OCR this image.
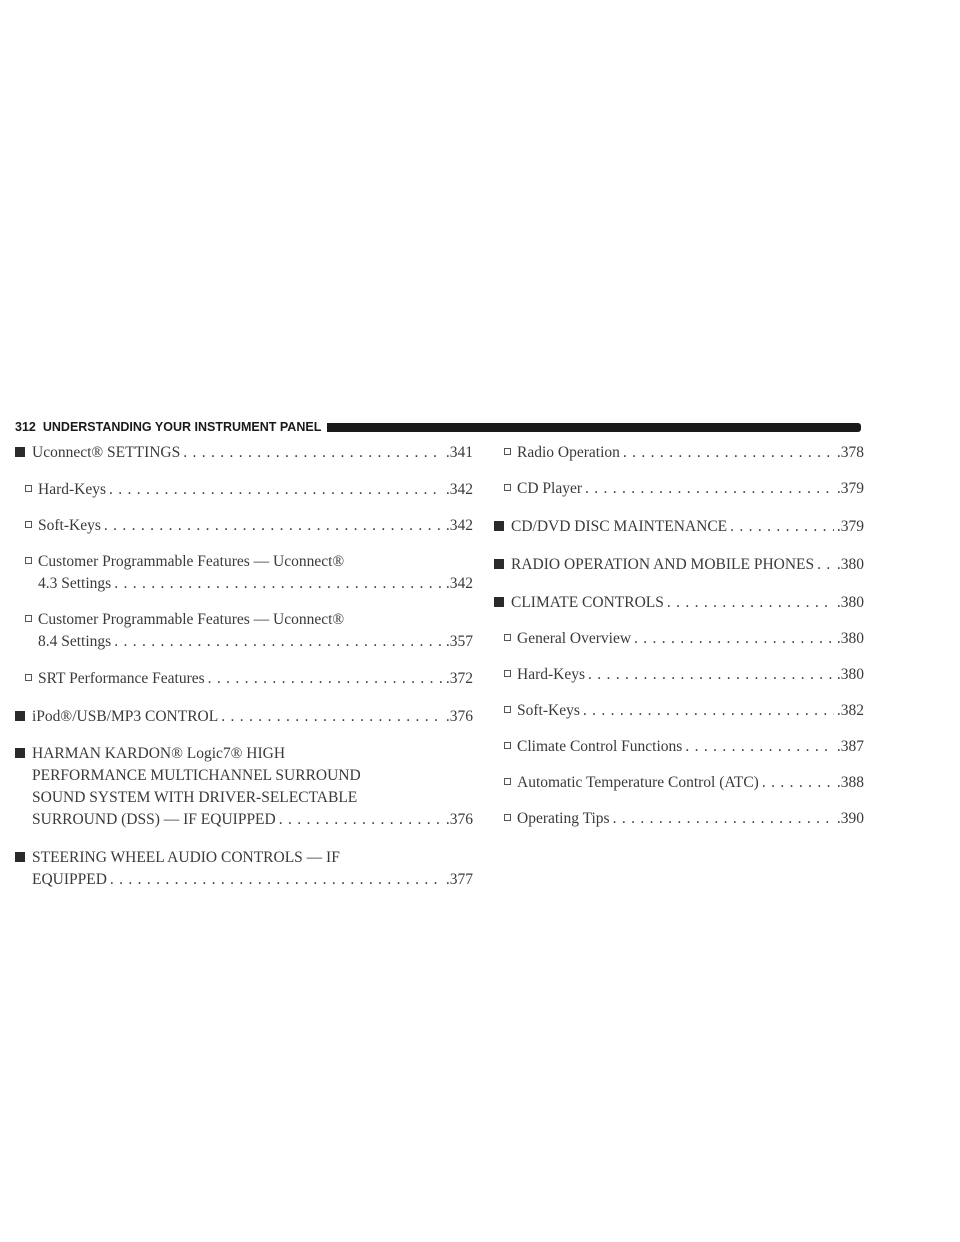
312 UNDERSTANDING YOUR INSTRUMENT PANEL
Uconnect® SETTINGS . . .	.341
Hard-Keys . . .	.342
Soft-Keys . . .	.342
Customer Programmable Features — Uconnect®
4.3 Settings . . .	.342
Customer Programmable Features — Uconnect®
8.4 Settings . . .	.357
SRT Performance Features . . .	.372
iPod®/USB/MP3 CONTROL . . .	.376
HARMAN KARDON® Logic7® HIGH
PERFORMANCE MULTICHANNEL SURROUND
SOUND SYSTEM WITH DRIVER-SELECTABLE
SURROUND (DSS) — IF EQUIPPED . . .	.376
STEERING WHEEL AUDIO CONTROLS — IF
EQUIPPED . . .	.377
Radio Operation . . .	.378
CD Player . . .	.379
CD/DVD DISC MAINTENANCE . . .	.379
RADIO OPERATION AND MOBILE PHONES . . . .380
CLIMATE CONTROLS . . .	.380
General Overview . . .	.380
Hard-Keys . . .	.380
Soft-Keys . . .	.382
Climate Control Functions . . .	.387
Automatic Temperature Control (ATC) . . .	.388
Operating Tips . . .	.390
